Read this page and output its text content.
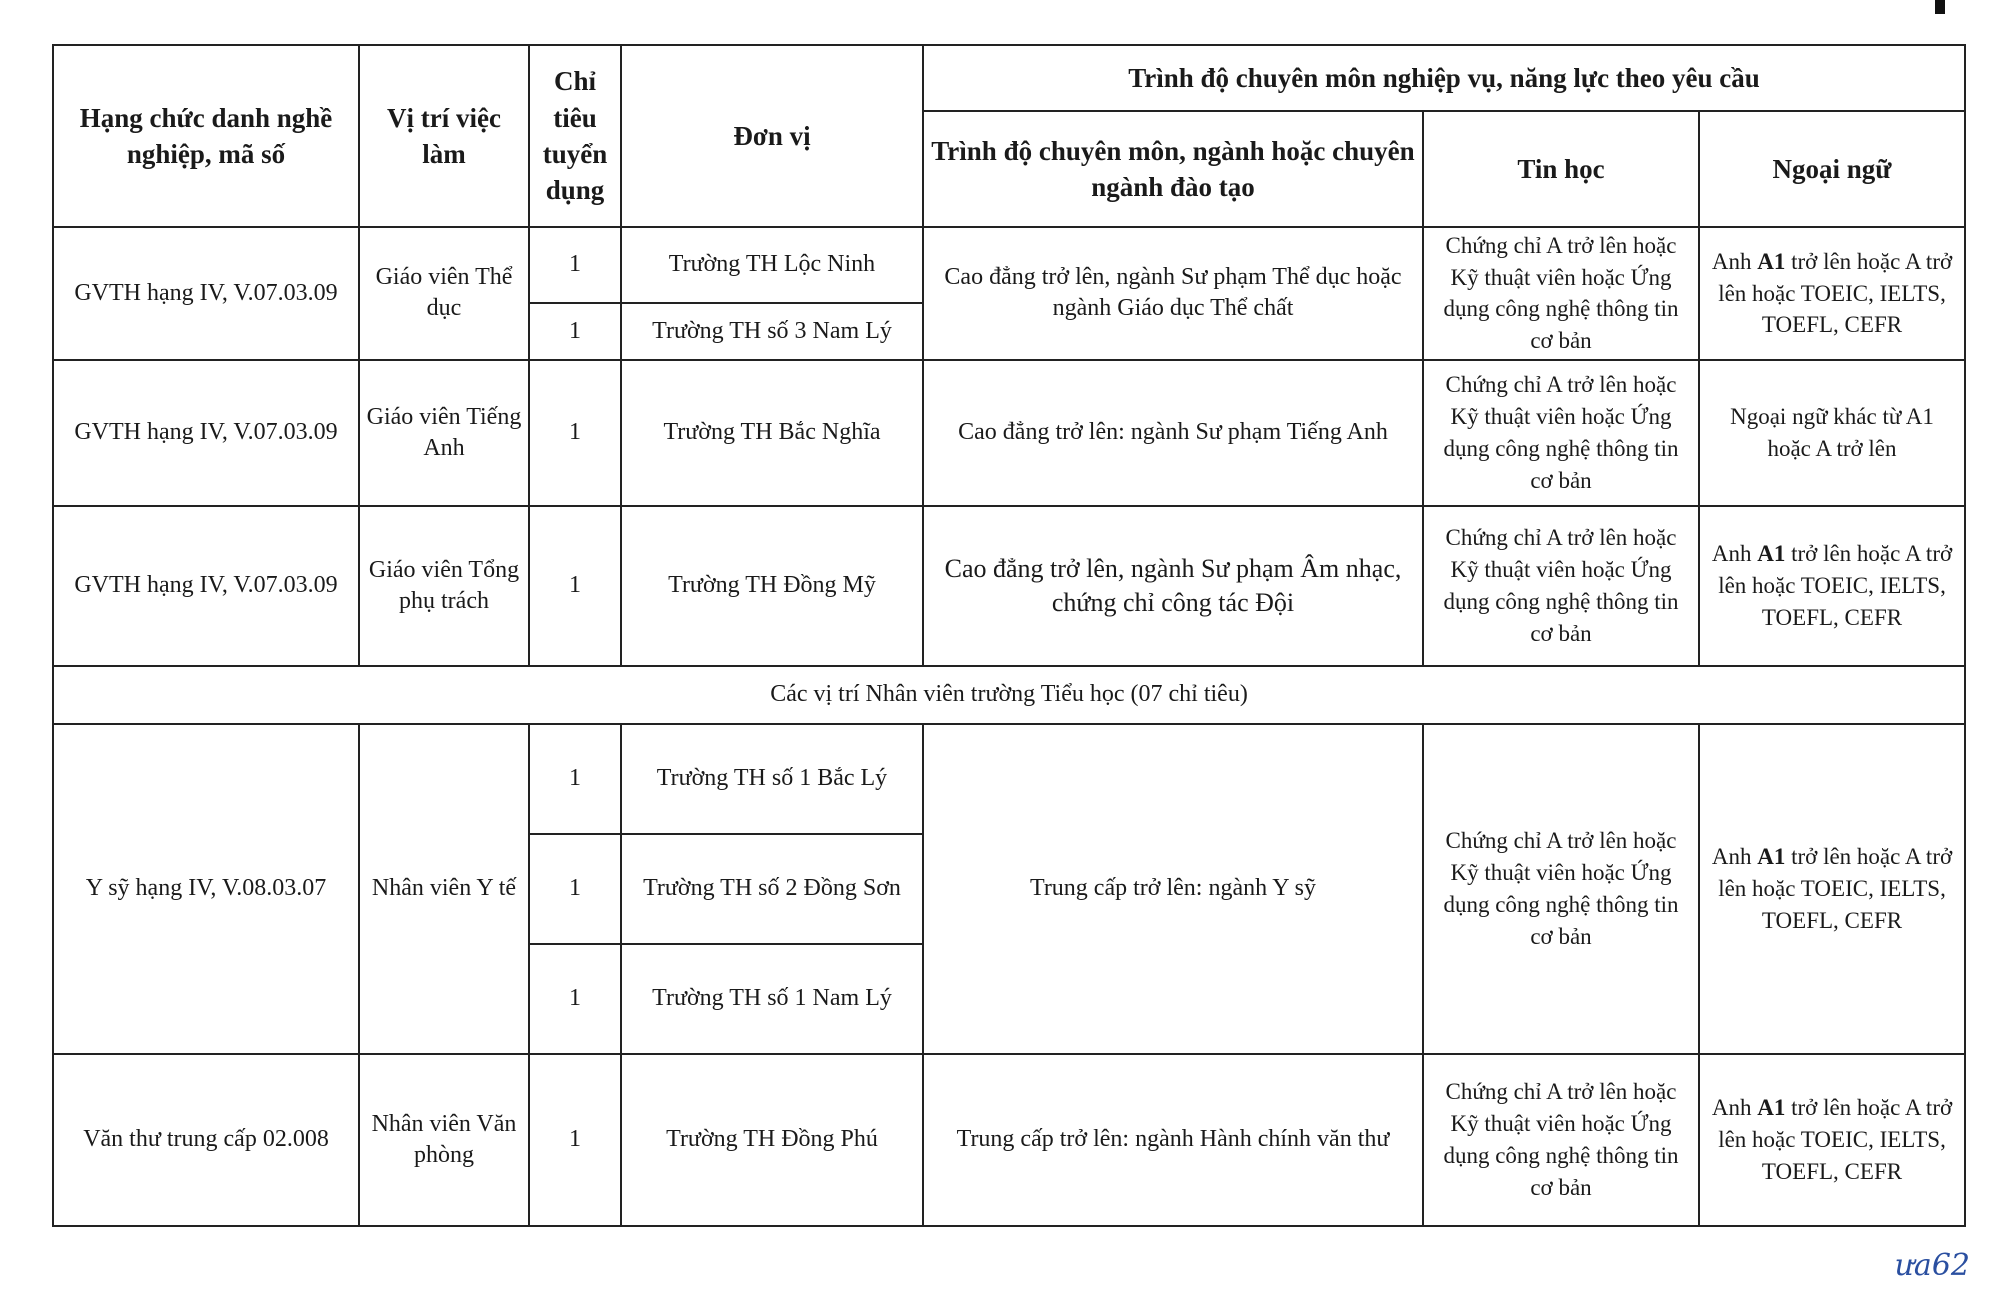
Hạng chức danh nghề nghiệp, mã số	Vị trí việc làm	Chỉ tiêu tuyển dụng	Đơn vị	Trình độ chuyên môn nghiệp vụ, năng lực theo yêu cầu		
				Trình độ chuyên môn, ngành hoặc chuyên ngành đào tạo	Tin học	Ngoại ngữ
GVTH hạng IV, V.07.03.09	Giáo viên Thể dục	1	Trường TH Lộc Ninh	Cao đẳng trở lên, ngành Sư phạm Thể dục hoặc ngành Giáo dục Thể chất	Chứng chỉ A trở lên hoặc Kỹ thuật viên hoặc Ứng dụng công nghệ thông tin cơ bản	Anh A1 trở lên hoặc A trở lên hoặc TOEIC, IELTS, TOEFL, CEFR
		1	Trường TH số 3 Nam Lý			
GVTH hạng IV, V.07.03.09	Giáo viên Tiếng Anh	1	Trường TH Bắc Nghĩa	Cao đẳng trở lên: ngành Sư phạm Tiếng Anh	Chứng chỉ A trở lên hoặc Kỹ thuật viên hoặc Ứng dụng công nghệ thông tin cơ bản	Ngoại ngữ khác từ A1 hoặc A trở lên
GVTH hạng IV, V.07.03.09	Giáo viên Tổng phụ trách	1	Trường TH Đồng Mỹ	Cao đẳng trở lên, ngành Sư phạm Âm nhạc, chứng chỉ công tác Đội	Chứng chỉ A trở lên hoặc Kỹ thuật viên hoặc Ứng dụng công nghệ thông tin cơ bản	Anh A1 trở lên hoặc A trở lên hoặc TOEIC, IELTS, TOEFL, CEFR
Các vị trí Nhân viên trường Tiểu học (07 chỉ tiêu)						
Y sỹ hạng IV, V.08.03.07	Nhân viên Y tế	1	Trường TH số 1 Bắc Lý	Trung cấp trở lên: ngành Y sỹ	Chứng chỉ A trở lên hoặc Kỹ thuật viên hoặc Ứng dụng công nghệ thông tin cơ bản	Anh A1 trở lên hoặc A trở lên hoặc TOEIC, IELTS, TOEFL, CEFR
		1	Trường TH số 2 Đồng Sơn			
		1	Trường TH số 1 Nam Lý			
Văn thư trung cấp 02.008	Nhân viên Văn phòng	1	Trường TH Đồng Phú	Trung cấp trở lên: ngành Hành chính văn thư	Chứng chỉ A trở lên hoặc Kỹ thuật viên hoặc Ứng dụng công nghệ thông tin cơ bản	Anh A1 trở lên hoặc A trở lên hoặc TOEIC, IELTS, TOEFL, CEFR
ưa62
